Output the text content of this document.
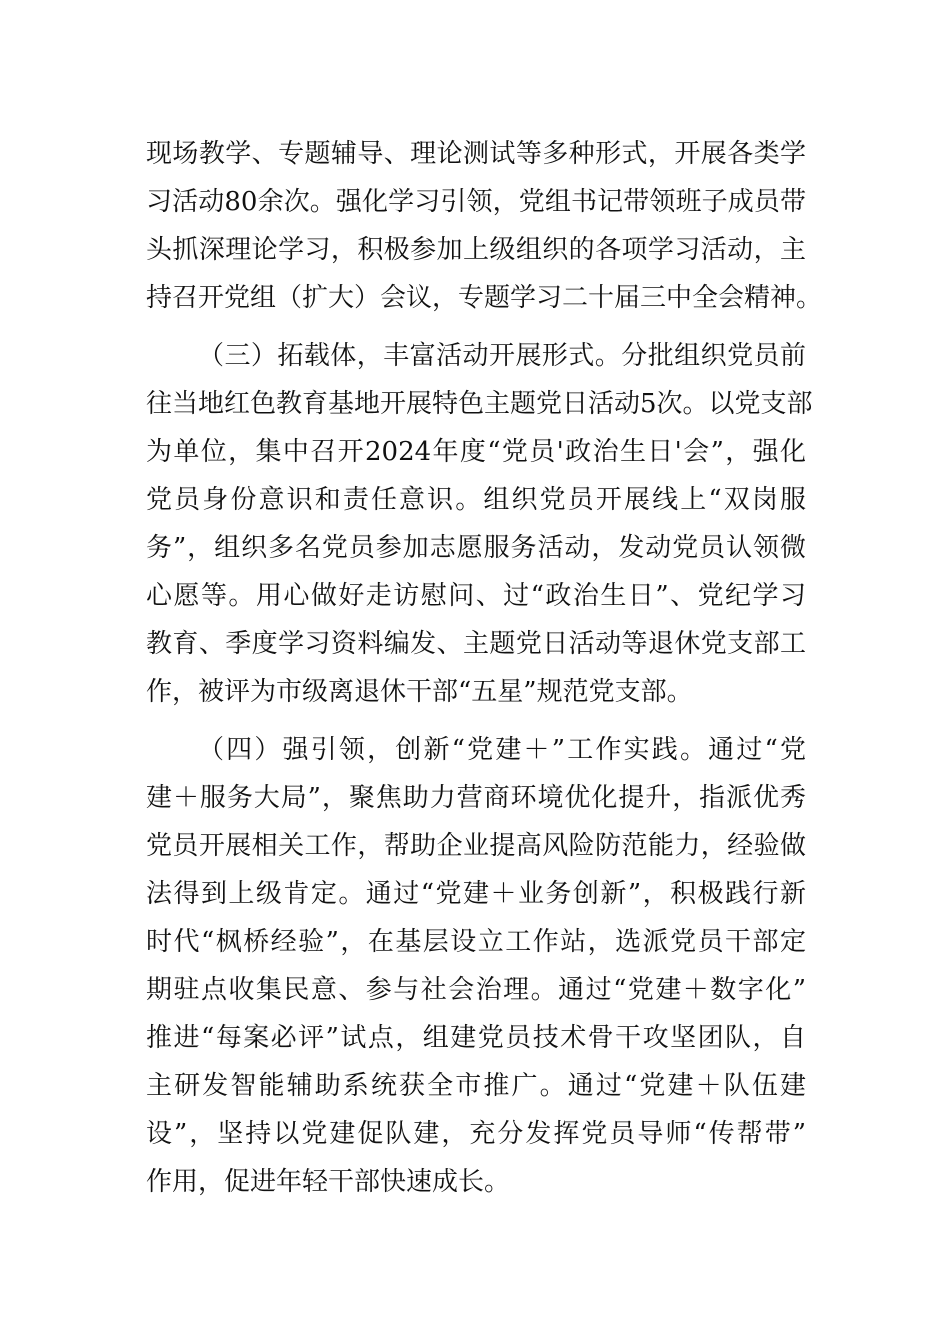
现场教学、专题辅导、理论测试等多种形式，开展各类学
习活动80余次。强化学习引领，党组书记带领班子成员带
头抓深理论学习，积极参加上级组织的各项学习活动，主
持召开党组（扩大）会议，专题学习二十届三中全会精神。
（三）拓载体，丰富活动开展形式。分批组织党员前
往当地红色教育基地开展特色主题党日活动5次。以党支部
为单位，集中召开2024年度“党员'政治生日'会”，强化
党员身份意识和责任意识。组织党员开展线上“双岗服
务”，组织多名党员参加志愿服务活动，发动党员认领微
心愿等。用心做好走访慰问、过“政治生日”、党纪学习
教育、季度学习资料编发、主题党日活动等退休党支部工
作，被评为市级离退休干部“五星”规范党支部。
（四）强引领，创新“党建＋”工作实践。通过“党
建＋服务大局”，聚焦助力营商环境优化提升，指派优秀
党员开展相关工作，帮助企业提高风险防范能力，经验做
法得到上级肯定。通过“党建＋业务创新”，积极践行新
时代“枫桥经验”，在基层设立工作站，选派党员干部定
期驻点收集民意、参与社会治理。通过“党建＋数字化”
推进“每案必评”试点，组建党员技术骨干攻坚团队，自
主研发智能辅助系统获全市推广。通过“党建＋队伍建
设”，坚持以党建促队建，充分发挥党员导师“传帮带”
作用，促进年轻干部快速成长。
